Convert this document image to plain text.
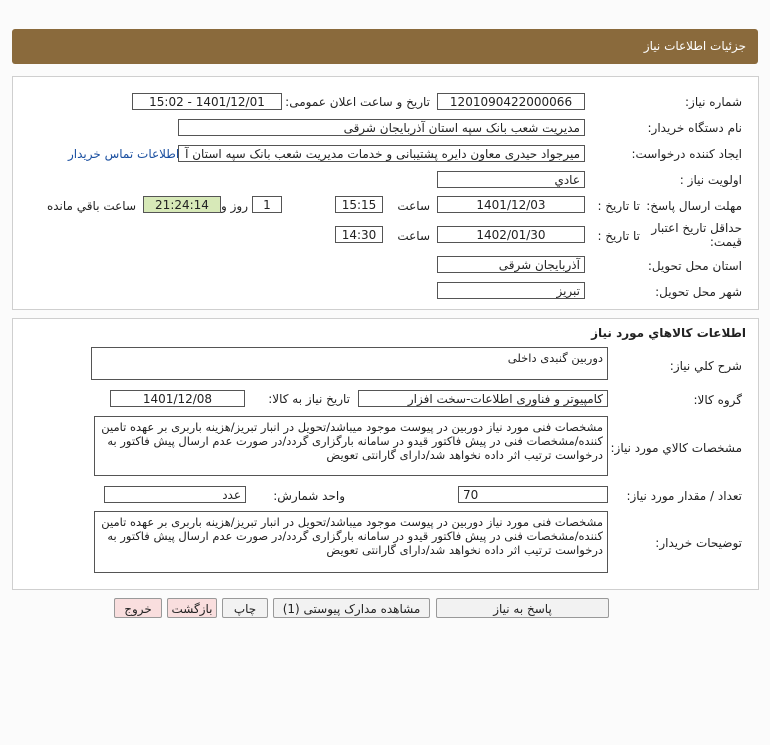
جزئیات اطلاعات نیاز
شماره نیاز:
1201090422000066
تاریخ و ساعت اعلان عمومی:
1401/12/01 - 15:02
نام دستگاه خریدار:
مدیریت شعب بانک سپه استان آذربایجان شرقی
ایجاد کننده درخواست:
میرجواد حیدری معاون دایره پشتیبانی و خدمات مدیریت شعب بانک سپه استان آ
اطلاعات تماس خریدار
اولویت نیاز :
عادي
مهلت ارسال پاسخ:
تا تاریخ :
1401/12/03
ساعت
15:15
1
روز و
21:24:14
ساعت باقي مانده
حداقل تاریخ اعتبار قیمت:
تا تاریخ :
1402/01/30
ساعت
14:30
استان محل تحویل:
آذربایجان شرقی
شهر محل تحویل:
تبریز
اطلاعات کالاهاي مورد نياز
شرح کلي نياز:
دوربین گنبدی داخلی
گروه کالا:
کامپیوتر و فناوری اطلاعات-سخت افزار
تاریخ نیاز به کالا:
1401/12/08
مشخصات کالاي مورد نياز:
مشخصات فنی مورد نیاز دوربین در پیوست موجود میباشد/تحویل در انبار تبریز/هزینه باربری بر عهده تامین کننده/مشخصات فنی در پیش فاکتور قیدو در سامانه بارگزاری گردد/در صورت عدم ارسال پیش فاکتور به درخواست ترتیب اثر داده نخواهد شد/دارای گارانتی تعویض
تعداد / مقدار مورد نیاز:
70
واحد شمارش:
عدد
توضیحات خریدار:
مشخصات فنی مورد نیاز دوربین در پیوست موجود میباشد/تحویل در انبار تبریز/هزینه باربری بر عهده تامین کننده/مشخصات فنی در پیش فاکتور قیدو در سامانه بارگزاری گردد/در صورت عدم ارسال پیش فاکتور به درخواست ترتیب اثر داده نخواهد شد/دارای گارانتی تعویض
پاسخ به نیاز
مشاهده مدارک پیوستی (1)
چاپ
بازگشت
خروج
